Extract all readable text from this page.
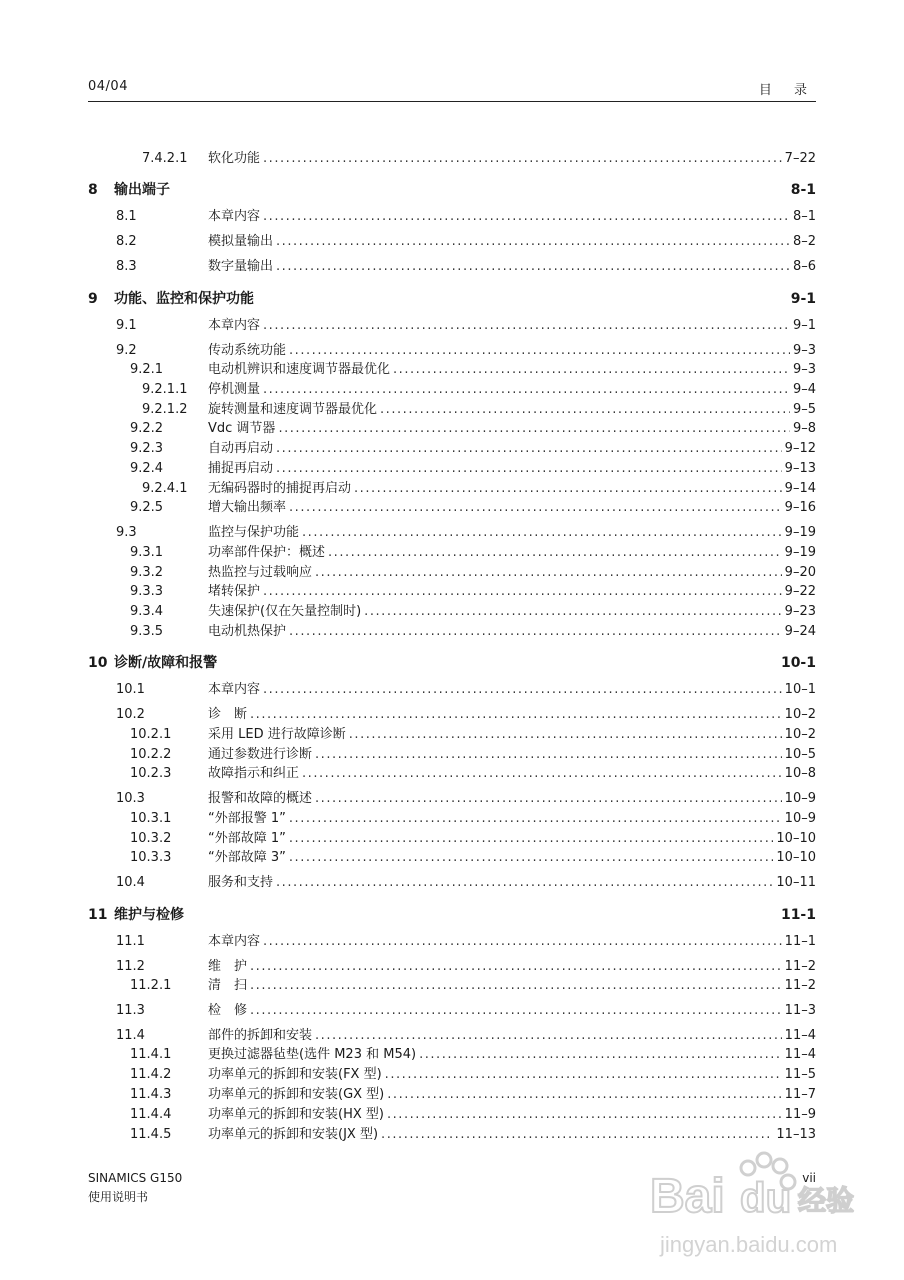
04/04	目 录
7.4.2.1 软化功能 . . .	7–22
8 输出端子	8-1
8.1	本章内容 . . .	8–1
8.2	模拟量输出 . . .	8–2
8.3	数字量输出 . . .	8–6
9 功能、监控和保护功能	9-1
9.1	本章内容 . . .	9–1
9.2	传动系统功能 . . .	9–3
9.2.1	电动机辨识和速度调节器最优化 . . .	9–3
9.2.1.1 停机测量 . . .	9–4
9.2.1.2 旋转测量和速度调节器最优化 . . .	9–5
9.2.2	Vdc 调节器 . . .	9–8
9.2.3	自动再启动 . . .	9–12
9.2.4	捕捉再启动 . . .	9–13
9.2.4.1 无编码器时的捕捉再启动 . . .	9–14
9.2.5	增大输出频率 . . .	9–16
9.3	监控与保护功能 . . .	9–19
9.3.1	功率部件保护：概述 . . .	9–19
9.3.2	热监控与过载响应 . . .	9–20
9.3.3	堵转保护 . . .	9–22
9.3.4	失速保护(仅在矢量控制时) . . .	9–23
9.3.5	电动机热保护 . . .	9–24
10 诊断/故障和报警	10-1
10.1	本章内容 . . .	10–1
10.2	诊　断 . . .	10–2
10.2.1	采用 LED 进行故障诊断 . . .	10–2
10.2.2	通过参数进行诊断 . . .	10–5
10.2.3	故障指示和纠正 . . .	10–8
10.3	报警和故障的概述 . . .	10–9
10.3.1	“外部报警 1” . . .	10–9
10.3.2	“外部故障 1” . . .	10–10
10.3.3	“外部故障 3” . . .	10–10
10.4	服务和支持 . . .	10–11
11 维护与检修	11-1
11.1	本章内容 . . .	11–1
11.2	维　护 . . .	11–2
11.2.1	清　扫 . . .	11–2
11.3	检　修 . . .	11–3
11.4	部件的拆卸和安装 . . .	11–4
11.4.1	更换过滤器毡垫(选件 M23 和 M54) . . .	11–4
11.4.2	功率单元的拆卸和安装(FX 型) . . .	11–5
11.4.3	功率单元的拆卸和安装(GX 型) . . .	11–7
11.4.4	功率单元的拆卸和安装(HX 型) . . .	11–9
11.4.5	功率单元的拆卸和安装(JX 型) . . .	11–13
SINAMICS G150
使用说明书
vii
Bai du 经验
jingyan.baidu.com
